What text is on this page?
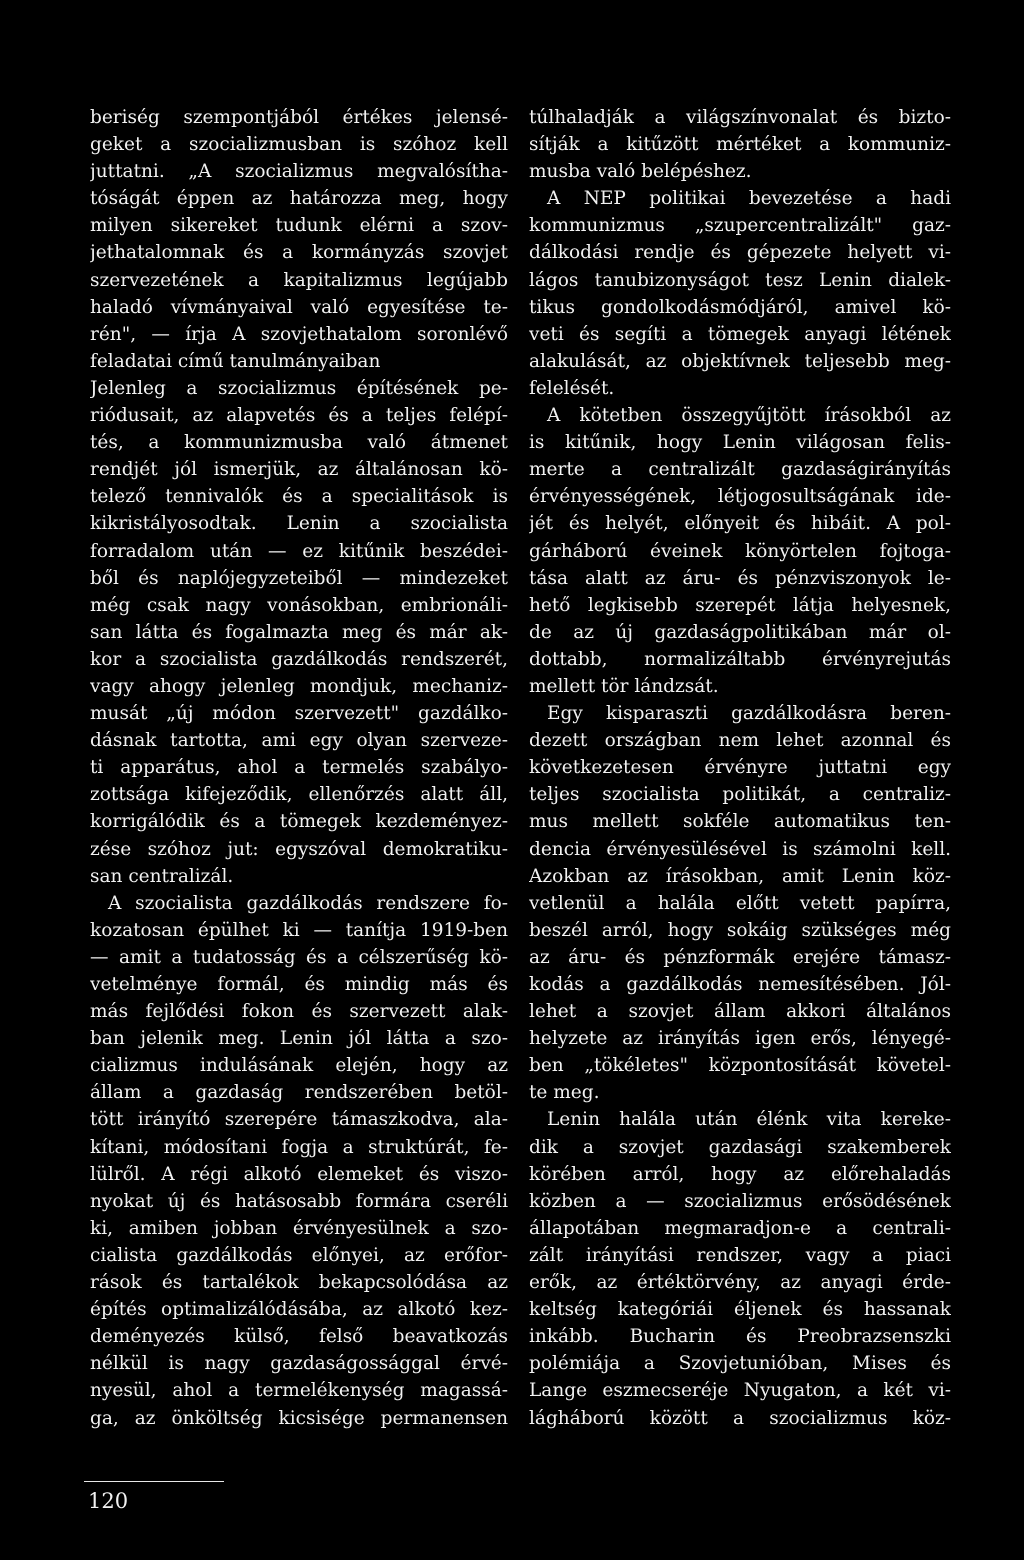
beriség szempontjából értékes jelensé-
geket a szocializmusban is szóhoz kell
juttatni. „A szocializmus megvalósítha-
tóságát éppen az határozza meg, hogy
milyen sikereket tudunk elérni a szov-
jethatalomnak és a kormányzás szovjet
szervezetének a kapitalizmus legújabb
haladó vívmányaival való egyesítése te-
rén", — írja A szovjethatalom soronlévő
feladatai című tanulmányaiban
Jelenleg a szocializmus építésének pe-
riódusait, az alapvetés és a teljes felépí-
tés, a kommunizmusba való átmenet
rendjét jól ismerjük, az általánosan kö-
telező tennivalók és a specialitások is
kikristályosodtak. Lenin a szocialista
forradalom után — ez kitűnik beszédei-
ből és naplójegyzeteiből — mindezeket
még csak nagy vonásokban, embrionáli-
san látta és fogalmazta meg és már ak-
kor a szocialista gazdálkodás rendszerét,
vagy ahogy jelenleg mondjuk, mechaniz-
musát „új módon szervezett" gazdálko-
dásnak tartotta, ami egy olyan szerveze-
ti apparátus, ahol a termelés szabályo-
zottsága kifejeződik, ellenőrzés alatt áll,
korrigálódik és a tömegek kezdeményez-
zése szóhoz jut: egyszóval demokratiku-
san centralizál.
A szocialista gazdálkodás rendszere fo-
kozatosan épülhet ki — tanítja 1919-ben
— amit a tudatosság és a célszerűség kö-
vetelménye formál, és mindig más és
más fejlődési fokon és szervezett alak-
ban jelenik meg. Lenin jól látta a szo-
cializmus indulásának elején, hogy az
állam a gazdaság rendszerében betöl-
tött irányító szerepére támaszkodva, ala-
kítani, módosítani fogja a struktúrát, fe-
lülről. A régi alkotó elemeket és viszo-
nyokat új és hatásosabb formára cseréli
ki, amiben jobban érvényesülnek a szo-
cialista gazdálkodás előnyei, az erőfor-
rások és tartalékok bekapcsolódása az
építés optimalizálódásába, az alkotó kez-
deményezés külső, felső beavatkozás
nélkül is nagy gazdaságossággal érvé-
nyesül, ahol a termelékenység magassá-
ga, az önköltség kicsisége permanensen
túlhaladják a világszínvonalat és bizto-
sítják a kitűzött mértéket a kommuniz-
musba való belépéshez.
A NEP politikai bevezetése a hadi
kommunizmus „szupercentralizált" gaz-
dálkodási rendje és gépezete helyett vi-
lágos tanubizonyságot tesz Lenin dialek-
tikus gondolkodásmódjáról, amivel kö-
veti és segíti a tömegek anyagi létének
alakulását, az objektívnek teljesebb meg-
felelését.
A kötetben összegyűjtött írásokból az
is kitűnik, hogy Lenin világosan felis-
merte a centralizált gazdaságirányítás
érvényességének, létjogosultságának ide-
jét és helyét, előnyeit és hibáit. A pol-
gárháború éveinek könyörtelen fojtoga-
tása alatt az áru- és pénzviszonyok le-
hető legkisebb szerepét látja helyesnek,
de az új gazdaságpolitikában már ol-
dottabb, normalizáltabb érvényrejutás
mellett tör lándzsát.
Egy kisparaszti gazdálkodásra beren-
dezett országban nem lehet azonnal és
következetesen érvényre juttatni egy
teljes szocialista politikát, a centraliz-
mus mellett sokféle automatikus ten-
dencia érvényesülésével is számolni kell.
Azokban az írásokban, amit Lenin köz-
vetlenül a halála előtt vetett papírra,
beszél arról, hogy sokáig szükséges még
az áru- és pénzformák erejére támasz-
kodás a gazdálkodás nemesítésében. Jól-
lehet a szovjet állam akkori általános
helyzete az irányítás igen erős, lényegé-
ben „tökéletes" központosítását követel-
te meg.
Lenin halála után élénk vita kereke-
dik a szovjet gazdasági szakemberek
körében arról, hogy az előrehaladás
közben a — szocializmus erősödésének
állapotában megmaradjon-e a centrali-
zált irányítási rendszer, vagy a piaci
erők, az értéktörvény, az anyagi érde-
keltség kategóriái éljenek és hassanak
inkább. Bucharin és Preobrazsenszki
polémiája a Szovjetunióban, Mises és
Lange eszmecseréje Nyugaton, a két vi-
lágháború között a szocializmus köz-
120
